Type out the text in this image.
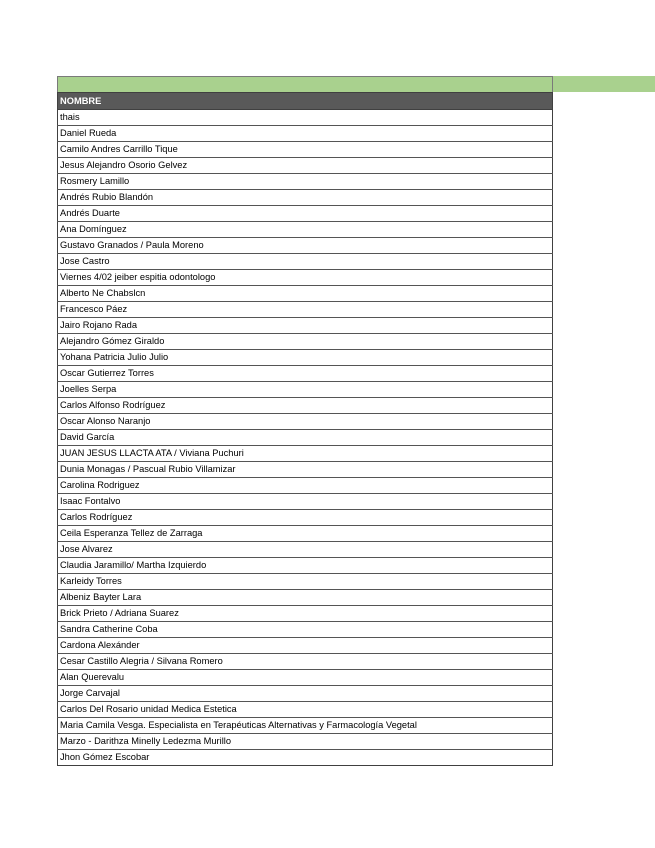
NOMBRE
thais
Daniel Rueda
Camilo Andres Carrillo Tique
Jesus Alejandro Osorio Gelvez
Rosmery Lamillo
Andrés Rubio Blandón
Andrés Duarte
Ana Domínguez
Gustavo Granados / Paula Moreno
Jose Castro
Viernes 4/02 jeiber espitia odontologo
Alberto Ne Chabslcn
Francesco Páez
Jairo Rojano Rada
Alejandro Gómez Giraldo
Yohana Patricia Julio Julio
Oscar Gutierrez Torres
Joelles Serpa
Carlos Alfonso Rodríguez
Oscar Alonso Naranjo
David García
JUAN JESUS LLACTA ATA / Viviana Puchuri
Dunia Monagas / Pascual Rubio Villamizar
Carolina Rodriguez
Isaac Fontalvo
Carlos Rodríguez
Ceila Esperanza Tellez de Zarraga
Jose Alvarez
Claudia Jaramillo/ Martha Izquierdo
Karleidy Torres
Albeniz Bayter Lara
Brick Prieto / Adriana Suarez
Sandra Catherine Coba
Cardona Alexánder
Cesar Castillo Alegria / Silvana Romero
Alan Querevalu
Jorge Carvajal
Carlos Del Rosario unidad Medica Estetica
Maria Camila Vesga. Especialista en Terapéuticas Alternativas y Farmacología Vegetal
Marzo - Darithza Minelly Ledezma Murillo
Jhon Gómez Escobar
